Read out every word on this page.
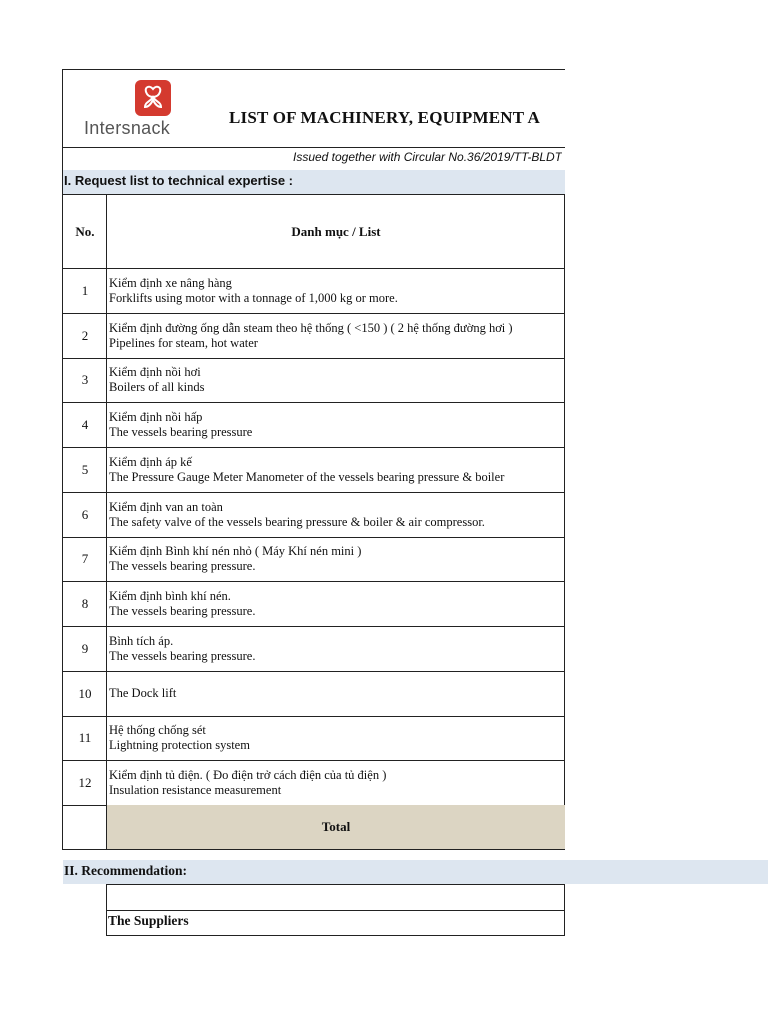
Intersnack
LIST OF MACHINERY, EQUIPMENT A
Issued together with Circular No.36/2019/TT-BLDT
I. Request list to technical expertise :
No.	Danh mục / List
1	Kiểm định xe nâng hàng
Forklifts using motor with a tonnage of 1,000 kg or more.
2	Kiểm định đường ống dẫn steam theo hệ thống ( <150 ) ( 2 hệ thống đường hơi )
Pipelines for steam, hot water
3	Kiểm định nồi hơi
Boilers of all kinds
4	Kiểm định nồi hấp
The vessels bearing pressure
5	Kiểm định áp kế
The Pressure Gauge Meter Manometer of the vessels bearing pressure & boiler
6	Kiểm định van an toàn
The safety valve of the vessels bearing pressure & boiler & air compressor.
7	Kiểm định Bình khí nén nhỏ ( Máy Khí nén mini )
The vessels bearing pressure.
8	Kiểm định bình khí nén.
The vessels bearing pressure.
9	Bình tích áp.
The vessels bearing pressure.
10	The Dock lift
11	Hệ thống chống sét
Lightning protection system
12	Kiểm định tủ điện. ( Đo điện trở cách điện của tủ điện )
Insulation resistance measurement
Total
II. Recommendation:
The Suppliers
